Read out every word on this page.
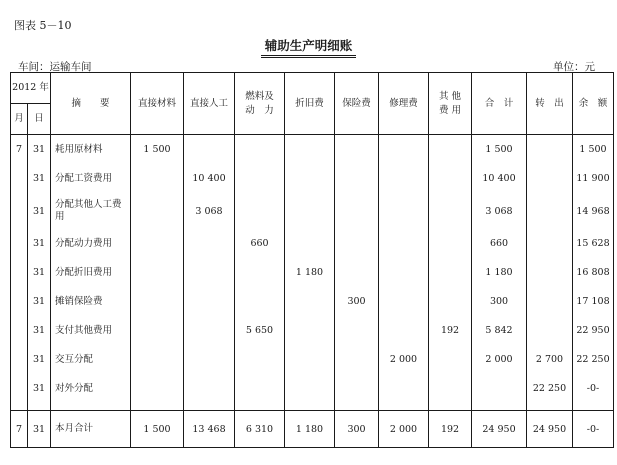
图表 5－10
辅助生产明细账
车间：运输车间	单位：元
2012 年		摘　　要	直接材料	直接人工	燃料及
动　力	折旧费	保险费	修理费	其 他
费 用	合　计	转　出	余　额
月	日											
7	31	耗用原材料	1 500							1 500		1 500
	31	分配工资费用		10 400						10 400		11 900
	31	分配其他人工费用		3 068						3 068		14 968
	31	分配动力费用			660					660		15 628
	31	分配折旧费用				1 180				1 180		16 808
	31	摊销保险费					300			300		17 108
	31	支付其他费用			5 650				192	5 842		22 950
	31	交互分配						2 000		2 000	2 700	22 250
	31	对外分配									22 250	-0-

7	31	本月合计	1 500	13 468	6 310	1 180	300	2 000	192	24 950	24 950	-0-
